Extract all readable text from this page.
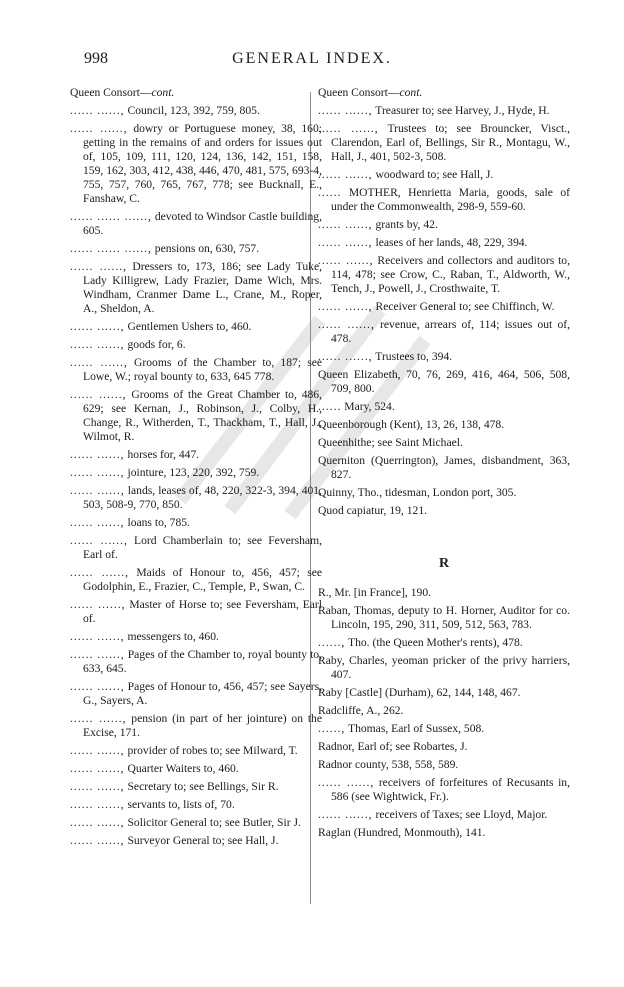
998	GENERAL INDEX.
Queen Consort—cont.
...... ......, Council, 123, 392, 759, 805.
...... ......, dowry or Portuguese money, 38, 160; getting in the remains of and orders for issues out of, 105, 109, 111, 120, 124, 136, 142, 151, 158, 159, 162, 303, 412, 438, 446, 470, 481, 575, 693-4, 755, 757, 760, 765, 767, 778; see Bucknall, E., Fanshaw, C.
...... ...... ......, devoted to Windsor Castle building, 605.
...... ...... ......, pensions on, 630, 757.
...... ......, Dressers to, 173, 186; see Lady Tuke, Lady Killigrew, Lady Frazier, Dame Wich, Mrs. Windham, Cranmer Dame L., Crane, M., Roper, A., Sheldon, A.
...... ......, Gentlemen Ushers to, 460.
...... ......, goods for, 6.
...... ......, Grooms of the Chamber to, 187; see Lowe, W.; royal bounty to, 633, 645 778.
...... ......, Grooms of the Great Chamber to, 486, 629; see Kernan, J., Robinson, J., Colby, H., Change, R., Witherden, T., Thackham, T., Hall, J., Wilmot, R.
...... ......, horses for, 447.
...... ......, jointure, 123, 220, 392, 759.
...... ......, lands, leases of, 48, 220, 322-3, 394, 401, 503, 508-9, 770, 850.
...... ......, loans to, 785.
...... ......, Lord Chamberlain to; see Feversham, Earl of.
...... ......, Maids of Honour to, 456, 457; see Godolphin, E., Frazier, C., Temple, P., Swan, C.
...... ......, Master of Horse to; see Feversham, Earl of.
...... ......, messengers to, 460.
...... ......, Pages of the Chamber to, royal bounty to, 633, 645.
...... ......, Pages of Honour to, 456, 457; see Sayers, G., Sayers, A.
...... ......, pension (in part of her jointure) on the Excise, 171.
...... ......, provider of robes to; see Milward, T.
...... ......, Quarter Waiters to, 460.
...... ......, Secretary to; see Bellings, Sir R.
...... ......, servants to, lists of, 70.
...... ......, Solicitor General to; see Butler, Sir J.
...... ......, Surveyor General to; see Hall, J.
Queen Consort—cont.
...... ......, Treasurer to; see Harvey, J., Hyde, H.
...... ......, Trustees to; see Brouncker, Visct., Clarendon, Earl of, Bellings, Sir R., Montagu, W., Hall, J., 401, 502-3, 508.
...... ......, woodward to; see Hall, J.
...... MOTHER, Henrietta Maria, goods, sale of under the Commonwealth, 298-9, 559-60.
...... ......, grants by, 42.
...... ......, leases of her lands, 48, 229, 394.
...... ......, Receivers and collectors and auditors to, 114, 478; see Crow, C., Raban, T., Aldworth, W., Tench, J., Powell, J., Crosthwaite, T.
...... ......, Receiver General to; see Chiffinch, W.
...... ......, revenue, arrears of, 114; issues out of, 478.
...... ......, Trustees to, 394.
Queen Elizabeth, 70, 76, 269, 416, 464, 506, 508, 709, 800.
...... Mary, 524.
Queenborough (Kent), 13, 26, 138, 478.
Queenhithe; see Saint Michael.
Querniton (Querrington), James, disbandment, 363, 827.
Quinny, Tho., tidesman, London port, 305.
Quod capiatur, 19, 121.
R
R., Mr. [in France], 190.
Raban, Thomas, deputy to H. Horner, Auditor for co. Lincoln, 195, 290, 311, 509, 512, 563, 783.
......, Tho. (the Queen Mother's rents), 478.
Raby, Charles, yeoman pricker of the privy harriers, 407.
Raby [Castle] (Durham), 62, 144, 148, 467.
Radcliffe, A., 262.
......, Thomas, Earl of Sussex, 508.
Radnor, Earl of; see Robartes, J.
Radnor county, 538, 558, 589.
...... ......, receivers of forfeitures of Recusants in, 586 (see Wightwick, Fr.).
...... ......, receivers of Taxes; see Lloyd, Major.
Raglan (Hundred, Monmouth), 141.
